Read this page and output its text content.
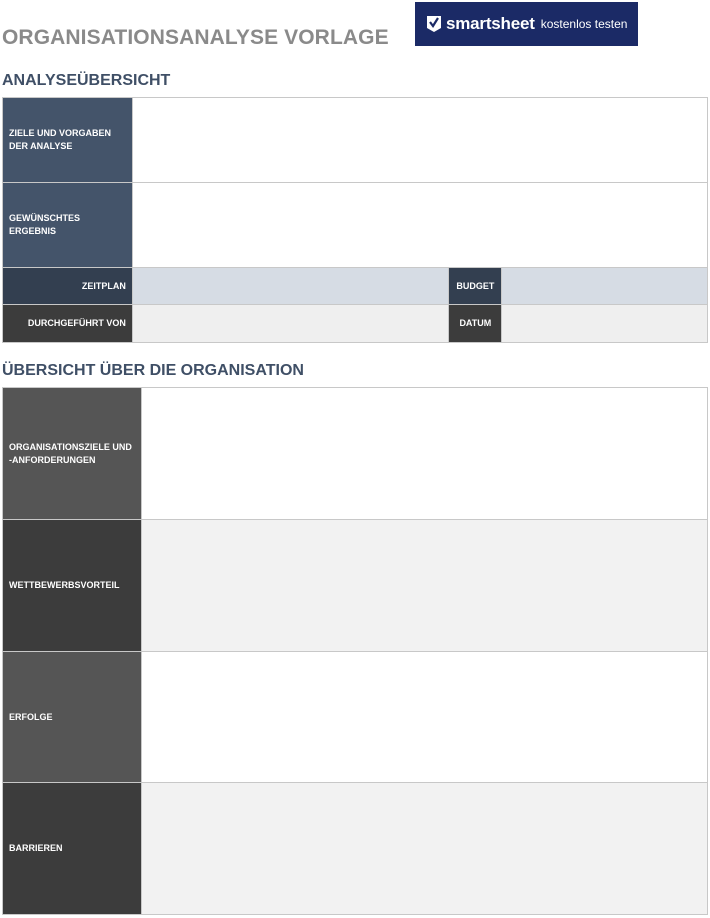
ORGANISATIONSANALYSE VORLAGE
smartsheet kostenlos testen
ANALYSEÜBERSICHT
ZIELE UND VORGABEN DER ANALYSE			
GEWÜNSCHTES ERGEBNIS			
ZEITPLAN		BUDGET	
DURCHGEFÜHRT VON		DATUM	
ÜBERSICHT ÜBER DIE ORGANISATION
ORGANISATIONSZIELE UND -ANFORDERUNGEN	
WETTBEWERBSVORTEIL	
ERFOLGE	
BARRIEREN	
